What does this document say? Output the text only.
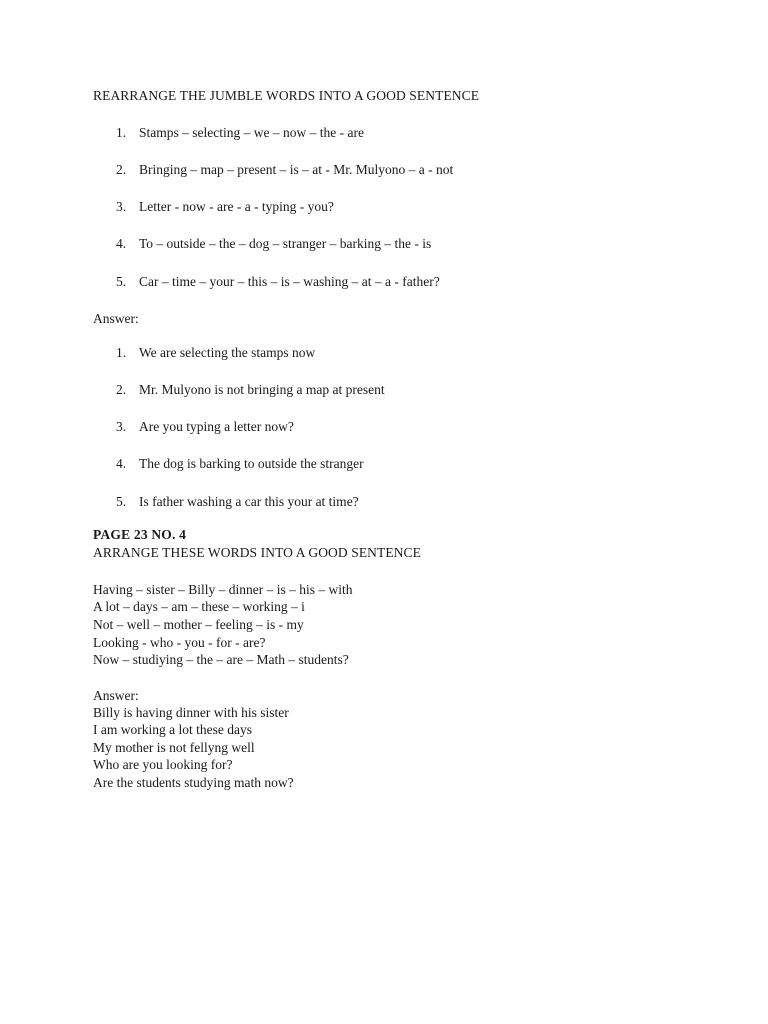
REARRANGE THE JUMBLE WORDS INTO A GOOD SENTENCE

1. Stamps – selecting – we – now – the - are
2. Bringing – map – present – is – at - Mr. Mulyono – a - not
3. Letter - now - are - a - typing - you?
4. To – outside – the – dog – stranger – barking – the - is
5. Car – time – your – this – is – washing – at – a - father?

Answer:

1. We are selecting the stamps now
2. Mr. Mulyono is not bringing a map at present
3. Are you typing a letter now?
4. The dog is barking to outside the stranger
5. Is father washing a car this your at time?

PAGE 23 NO. 4

ARRANGE THESE WORDS INTO A GOOD SENTENCE

Having – sister – Billy – dinner – is – his – with
A lot – days – am – these – working – i
Not – well – mother – feeling – is - my
Looking - who - you - for - are?
Now – studiying – the – are – Math – students?

Answer:

Billy is having dinner with his sister
I am working a lot these days
My mother is not fellyng well
Who are you looking for?
Are the students studying math now?
